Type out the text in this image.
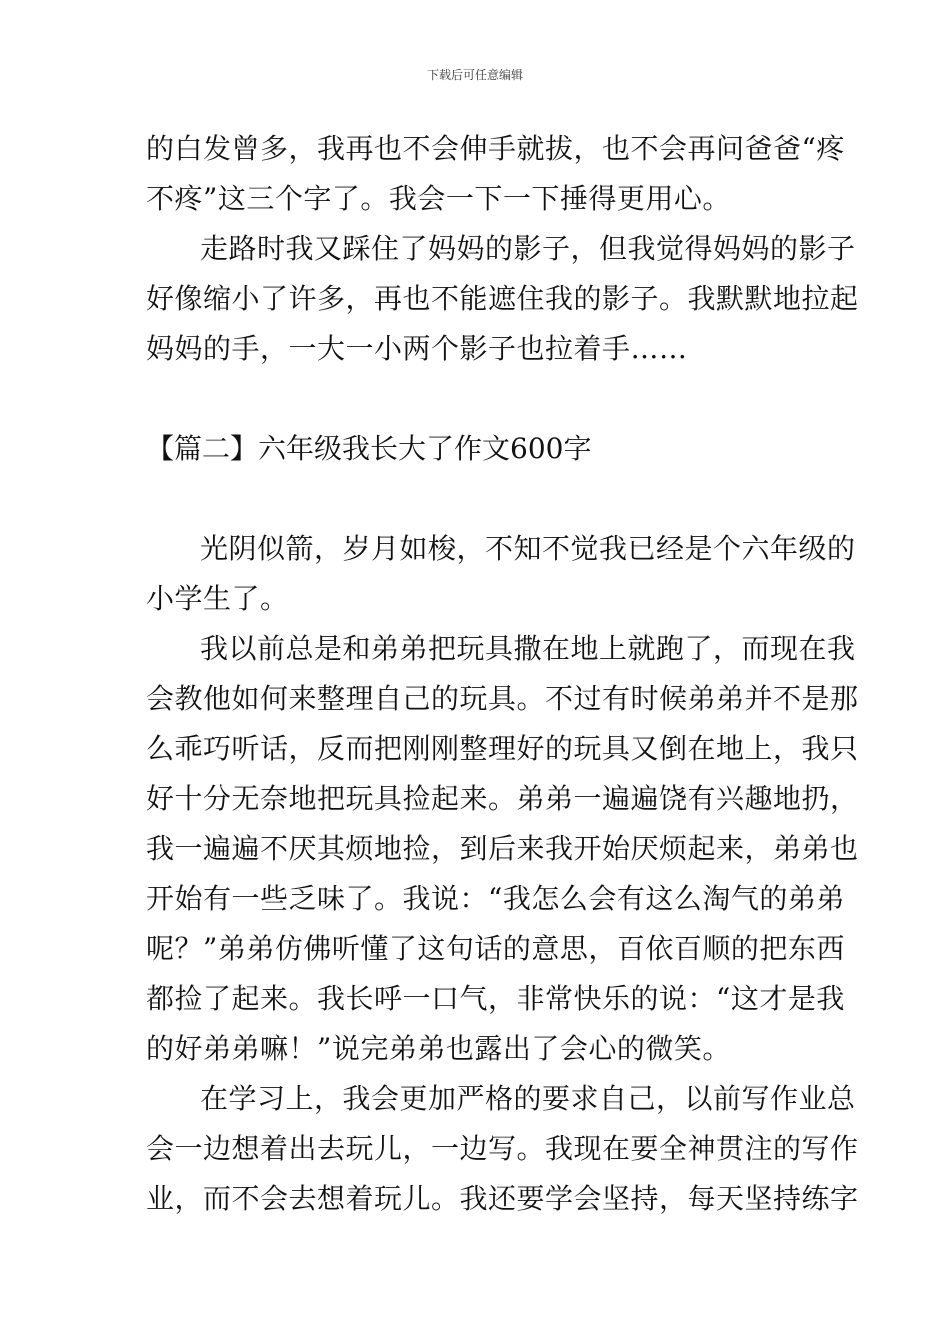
下载后可任意编辑
的白发曾多，我再也不会伸手就拔，也不会再问爸爸“疼
不疼”这三个字了。我会一下一下捶得更用心。
走路时我又踩住了妈妈的影子，但我觉得妈妈的影子
好像缩小了许多，再也不能遮住我的影子。我默默地拉起
妈妈的手，一大一小两个影子也拉着手……
【篇二】六年级我长大了作文600字
光阴似箭，岁月如梭，不知不觉我已经是个六年级的
小学生了。
我以前总是和弟弟把玩具撒在地上就跑了，而现在我
会教他如何来整理自己的玩具。不过有时候弟弟并不是那
么乖巧听话，反而把刚刚整理好的玩具又倒在地上，我只
好十分无奈地把玩具捡起来。弟弟一遍遍饶有兴趣地扔，
我一遍遍不厌其烦地捡，到后来我开始厌烦起来，弟弟也
开始有一些乏味了。我说：“我怎么会有这么淘气的弟弟
呢？”弟弟仿佛听懂了这句话的意思，百依百顺的把东西
都捡了起来。我长呼一口气，非常快乐的说：“这才是我
的好弟弟嘛！”说完弟弟也露出了会心的微笑。
在学习上，我会更加严格的要求自己，以前写作业总
会一边想着出去玩儿，一边写。我现在要全神贯注的写作
业，而不会去想着玩儿。我还要学会坚持，每天坚持练字
